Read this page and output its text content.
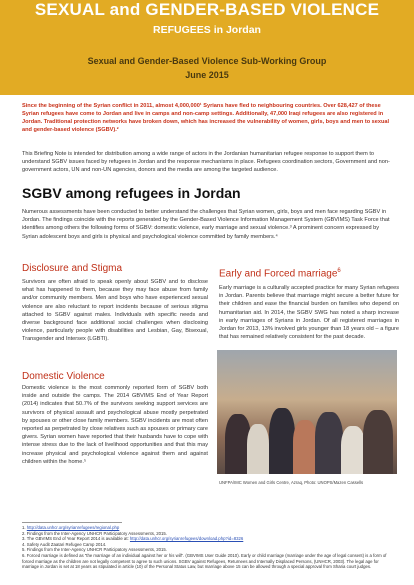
SEXUAL and GENDER-BASED VIOLENCE

REFUGEES in Jordan

Sexual and Gender-Based Violence Sub-Working Group

June 2015

Since the beginning of the Syrian conflict in 2011, almost 4,000,000¹ Syrians have fled to neighbouring countries. Over 628,427 of these Syrian refugees have come to Jordan and live in camps and non-camp settings. Additionally, 47,000 Iraqi refugees are also registered in Jordan. Traditional protection networks have broken down, which has increased the vulnerability of women, girls, boys and men to sexual and gender-based violence (SGBV).²

This Briefing Note is intended for distribution among a wide range of actors in the Jordanian humanitarian refugee response to support them to understand SGBV issues faced by refugees in Jordan and the response mechanisms in place. Refugees coordination sectors, Government and non-government actors, UN and non-UN agencies, donors and the media are among the targeted audience.

SGBV among refugees in Jordan

Numerous assessments have been conducted to better understand the challenges that Syrian women, girls, boys and men face regarding SGBV in Jordan. The findings coincide with the reports generated by the Gender-Based Violence Information Management System (GBVIMS) Task Force that identifies among others the following forms of SGBV: domestic violence, early marriage and sexual violence.³ A prominent concern expressed by Syrian adolescent boys and girls is physical and psychological violence committed by family members.⁴

Disclosure and Stigma

Survivors are often afraid to speak openly about SGBV and to disclose what has happened to them, because they may face abuse from family and/or community members. Men and boys who have experienced sexual violence are also reluctant to report incidents because of serious stigma attached to SGBV against males. Individuals with specific needs and diverse background face additional social challenges when disclosing violence, particularly people with disabilities and Lesbian, Gay, Bisexual, Transgender and Intersex (LGBTI).

Domestic Violence

Domestic violence is the most commonly reported form of SGBV both inside and outside the camps. The 2014 GBVIMS End of Year Report (2014) indicates that 50.7% of the survivors seeking support services are survivors of physical assault and psychological abuse mostly perpetrated by spouses or other close family members. SGBV incidents are most often reported as perpetrated by close relatives such as spouses or primary care givers. Syrian women have reported that their husbands have to cope with intense stress due to the lack of livelihood opportunities and that this may increase physical and psychological violence against them and against children within the home.⁵

Early and Forced marriage$^6$

Early marriage is a culturally accepted practice for many Syrian refugees in Jordan. Parents believe that marriage might secure a better future for their children and ease the financial burden on families who depend on humanitarian aid. In 2014, the SGBV SWG has noted a sharp increase in early marriages of Syrians in Jordan. Of all registered marriages in Jordan for 2013, 13% involved girls younger than 18 years old – a figure that has remained relatively consistent for the past decade.

UNFPA/IMC Women and Girls Centre, Azraq, Photo: UNOPS/Mazen Cassells

1. http://data.unhcr.org/syrianrefugees/regional.php
2. Findings from the Inter-Agency UNHCR Participatory Assessments, 2015.
3. The GBVIMS End of Year Report 2014 is available at: http://data.unhcr.org/syrianrefugees/download.php?id=8326
4. Safety Audit Zaatari Refugee Camp 2014.
5. Findings from the Inter-Agency UNHCR Participatory Assessments, 2015.
6. Forced marriage is defined as “the marriage of an individual against her or his will”. (GBVIMS User Guide 2010). Early or child marriage (marriage under the age of legal consent) is a form of forced marriage as the children are not legally competent to agree to such unions. SGBV against Refugees, Returnees and Internally Displaced Persons, (UNHCR, 2003). The legal age for marriage in Jordan is set at 18 years as stipulated in article (10) of the Personal Status Law, but marriage above 15 can be allowed through a special approval from Sharia court judges.
